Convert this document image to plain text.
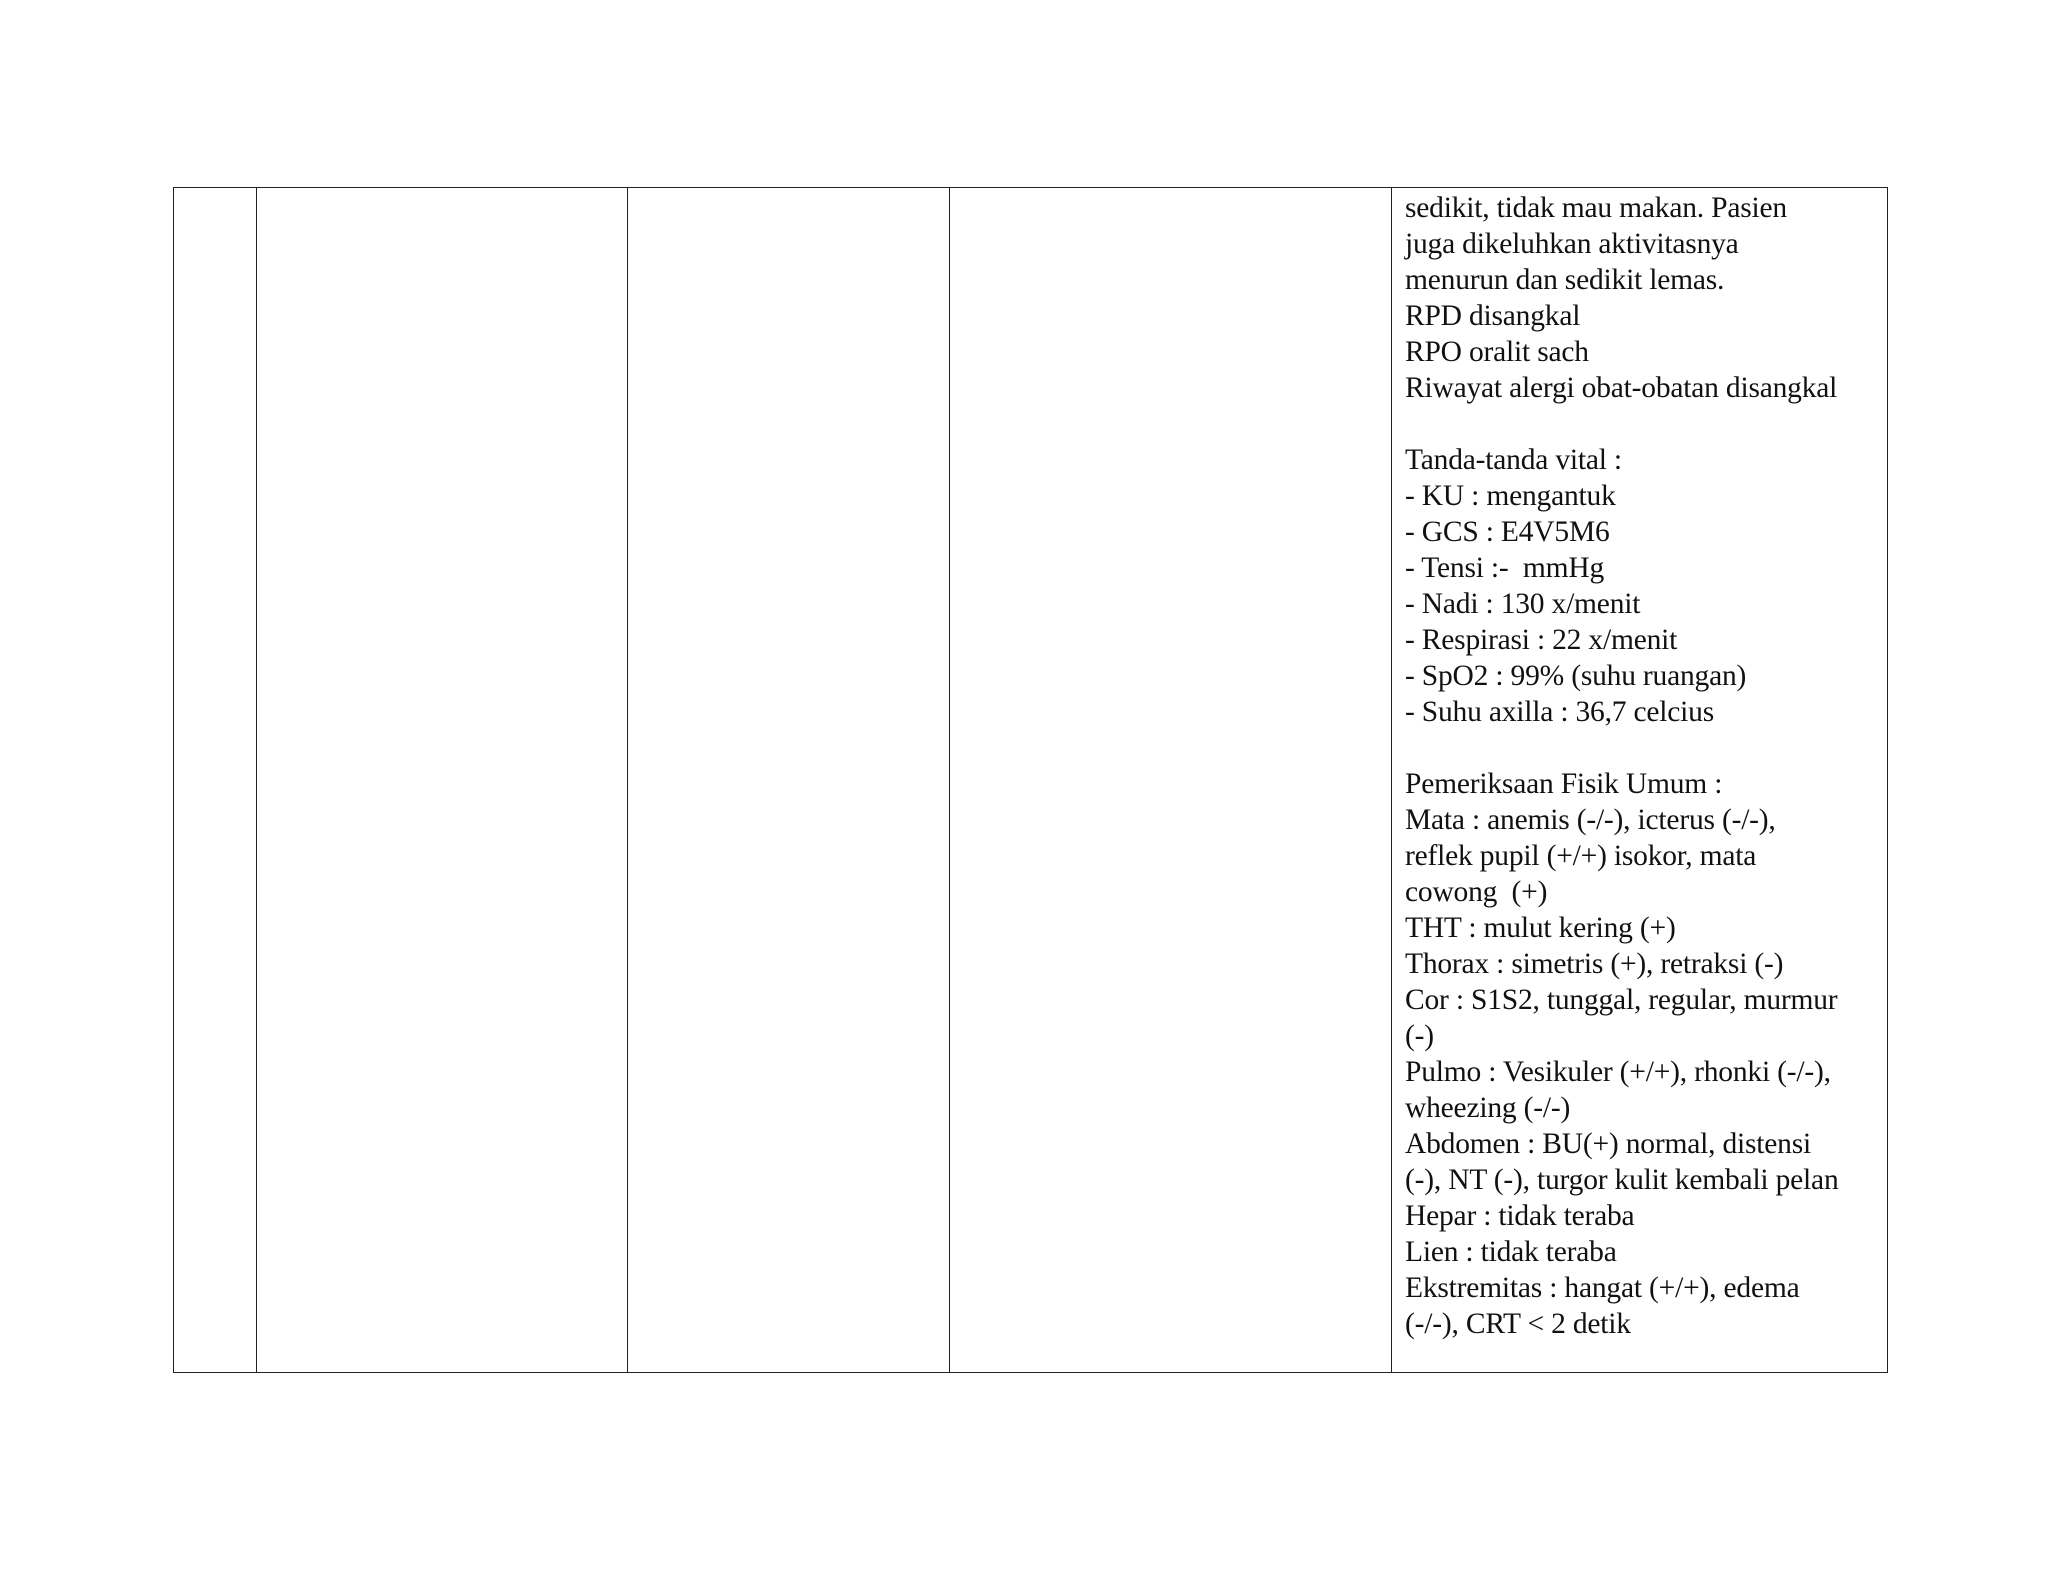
sedikit, tidak mau makan. Pasien
juga dikeluhkan aktivitasnya
menurun dan sedikit lemas.
RPD disangkal
RPO oralit sach
Riwayat alergi obat-obatan disangkal
Tanda-tanda vital :
- KU : mengantuk
- GCS : E4V5M6
- Tensi :-  mmHg
- Nadi : 130 x/menit
- Respirasi : 22 x/menit
- SpO2 : 99% (suhu ruangan)
- Suhu axilla : 36,7 celcius
Pemeriksaan Fisik Umum :
Mata : anemis (-/-), icterus (-/-),
reflek pupil (+/+) isokor, mata
cowong  (+)
THT : mulut kering (+)
Thorax : simetris (+), retraksi (-)
Cor : S1S2, tunggal, regular, murmur
(-)
Pulmo : Vesikuler (+/+), rhonki (-/-),
wheezing (-/-)
Abdomen : BU(+) normal, distensi
(-), NT (-), turgor kulit kembali pelan
Hepar : tidak teraba
Lien : tidak teraba
Ekstremitas : hangat (+/+), edema
(-/-), CRT < 2 detik
